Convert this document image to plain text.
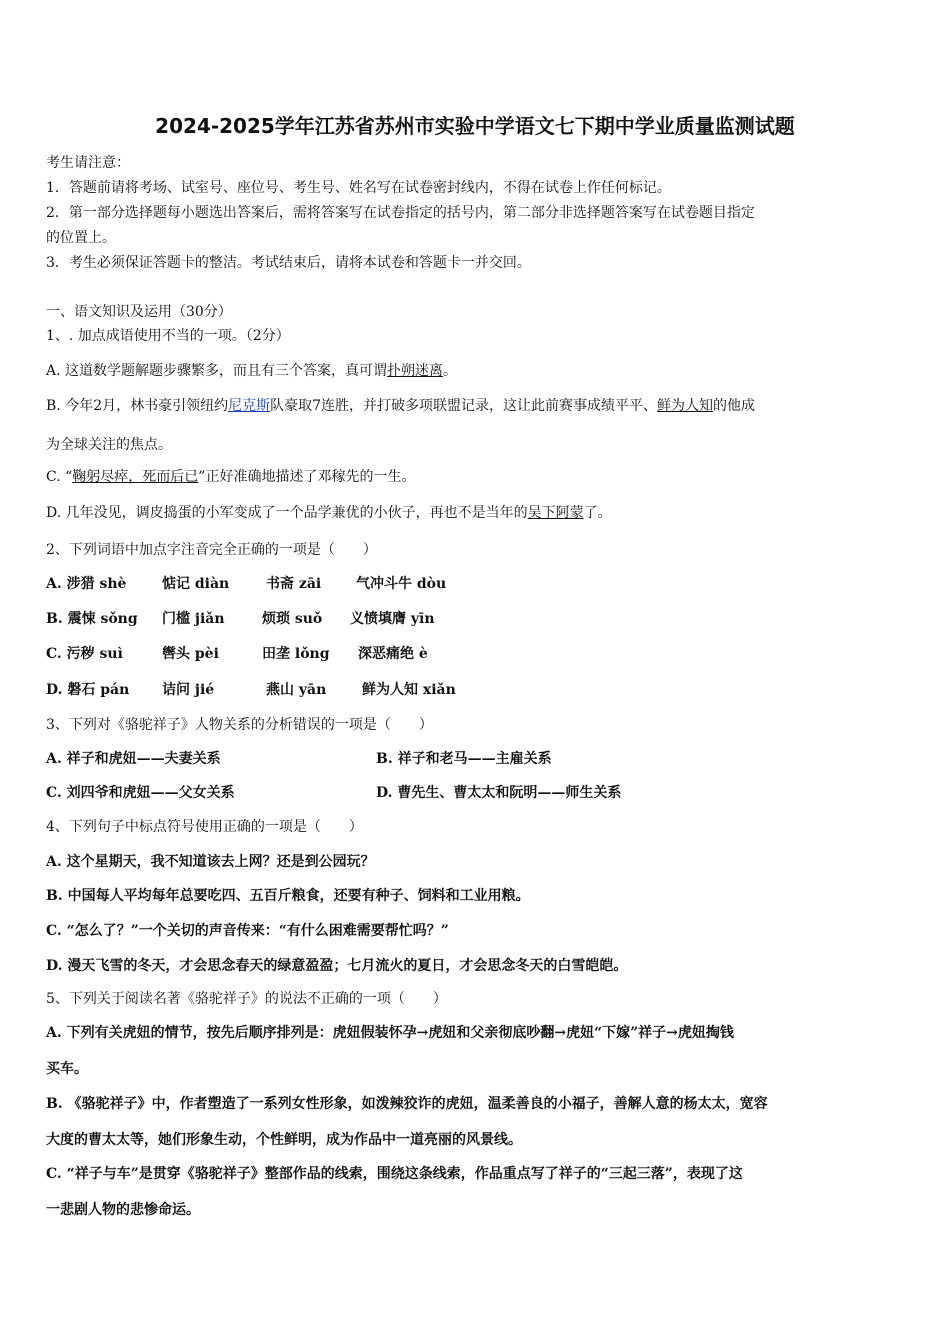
2024-2025学年江苏省苏州市实验中学语文七下期中学业质量监测试题
考生请注意：
1．答题前请将考场、试室号、座位号、考生号、姓名写在试卷密封线内，不得在试卷上作任何标记。
2．第一部分选择题每小题选出答案后，需将答案写在试卷指定的括号内，第二部分非选择题答案写在试卷题目指定
的位置上。
3．考生必须保证答题卡的整洁。考试结束后，请将本试卷和答题卡一并交回。
一、语文知识及运用（30分）
1、. 加点成语使用不当的一项。（2分）
A. 这道数学题解题步骤繁多，而且有三个答案，真可谓扑朔迷离。
B. 今年2月，林书豪引领纽约尼克斯队豪取7连胜，并打破多项联盟记录，这让此前赛事成绩平平、鲜为人知的他成
为全球关注的焦点。
C. “鞠躬尽瘁，死而后已”正好准确地描述了邓稼先的一生。
D. 几年没见，调皮捣蛋的小军变成了一个品学兼优的小伙子，再也不是当年的吴下阿蒙了。
2、下列词语中加点字注音完全正确的一项是（　　）
A. 涉猎 shè	惦记 diàn	书斋 zāi 气冲斗牛 dòu
B. 震悚 sǒng 门槛 jiǎn	烦琐 suǒ 义愤填膺 yīn
C. 污秽 suì	辔头 pèi	田垄 lǒng 深恶痛绝 è
D. 磐石 pán 诘问 jié	燕山 yān	鲜为人知 xiǎn
3、下列对《骆驼祥子》人物关系的分析错误的一项是（　　）
A. 祥子和虎妞——夫妻关系	B. 祥子和老马——主雇关系
C. 刘四爷和虎妞——父女关系	D. 曹先生、曹太太和阮明——师生关系
4、下列句子中标点符号使用正确的一项是（　　）
A. 这个星期天，我不知道该去上网？还是到公园玩？
B. 中国每人平均每年总要吃四、五百斤粮食，还要有种子、饲料和工业用粮。
C. “怎么了？”一个关切的声音传来：“有什么困难需要帮忙吗？”
D. 漫天飞雪的冬天，才会思念春天的绿意盈盈；七月流火的夏日，才会思念冬天的白雪皑皑。
5、下列关于阅读名著《骆驼祥子》的说法不正确的一项（　　）
A. 下列有关虎妞的情节，按先后顺序排列是：虎妞假装怀孕→虎妞和父亲彻底吵翻→虎妞“下嫁”祥子→虎妞掏钱
买车。
B. 《骆驼祥子》中，作者塑造了一系列女性形象，如泼辣狡诈的虎妞，温柔善良的小福子，善解人意的杨太太，宽容
大度的曹太太等，她们形象生动，个性鲜明，成为作品中一道亮丽的风景线。
C. “祥子与车”是贯穿《骆驼祥子》整部作品的线索，围绕这条线索，作品重点写了祥子的“三起三落”，表现了这
一悲剧人物的悲惨命运。
